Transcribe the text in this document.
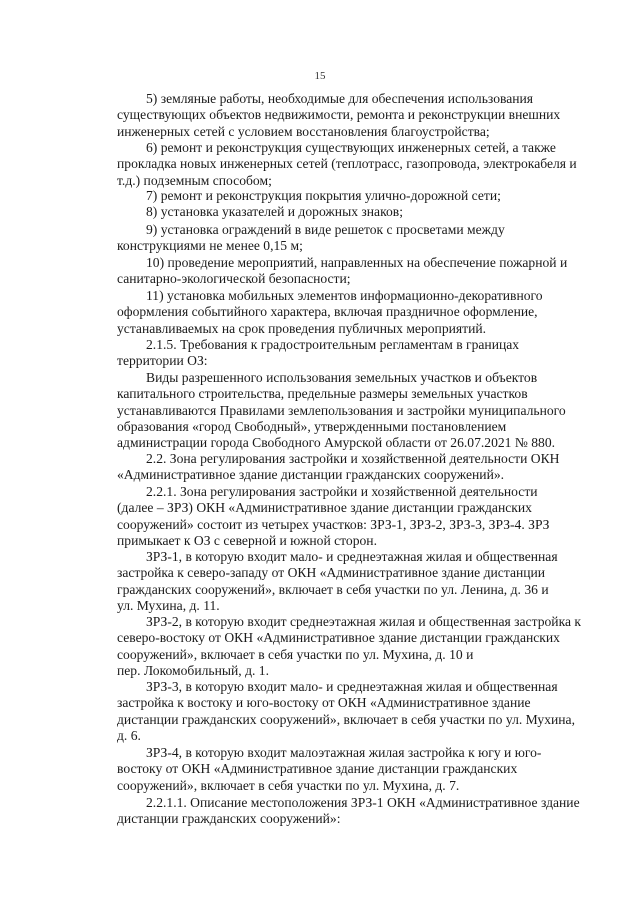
15
5) земляные работы, необходимые для обеспечения использования
существующих объектов недвижимости, ремонта и реконструкции внешних
инженерных сетей с условием восстановления благоустройства;
6) ремонт и реконструкция существующих инженерных сетей, а также
прокладка новых инженерных сетей (теплотрасс, газопровода, электрокабеля и
т.д.) подземным способом;
7) ремонт и реконструкция покрытия улично-дорожной сети;
8) установка указателей и дорожных знаков;
9) установка ограждений в виде решеток с просветами между
конструкциями не менее 0,15 м;
10) проведение мероприятий, направленных на обеспечение пожарной и
санитарно-экологической безопасности;
11) установка мобильных элементов информационно-декоративного
оформления событийного характера, включая праздничное оформление,
устанавливаемых на срок проведения публичных мероприятий.
2.1.5. Требования к градостроительным регламентам в границах
территории ОЗ:
Виды разрешенного использования земельных участков и объектов
капитального строительства, предельные размеры земельных участков
устанавливаются Правилами землепользования и застройки муниципального
образования «город Свободный», утвержденными постановлением
администрации города Свободного Амурской области от 26.07.2021 № 880.
2.2. Зона регулирования застройки и хозяйственной деятельности ОКН
«Административное здание дистанции гражданских сооружений».
2.2.1. Зона регулирования застройки и хозяйственной деятельности
(далее – ЗРЗ) ОКН «Административное здание дистанции гражданских
сооружений» состоит из четырех участков: ЗРЗ-1, ЗРЗ-2, ЗРЗ-3, ЗРЗ-4. ЗРЗ
примыкает к ОЗ с северной и южной сторон.
ЗРЗ-1, в которую входит мало- и среднеэтажная жилая и общественная
застройка к северо-западу от ОКН «Административное здание дистанции
гражданских сооружений», включает в себя участки по ул. Ленина, д. 36 и
ул. Мухина, д. 11.
ЗРЗ-2, в которую входит среднеэтажная жилая и общественная застройка к
северо-востоку от ОКН «Административное здание дистанции гражданских
сооружений», включает в себя участки по ул. Мухина, д. 10 и
пер. Локомобильный, д. 1.
ЗРЗ-3, в которую входит мало- и среднеэтажная жилая и общественная
застройка к востоку и юго-востоку от ОКН «Административное здание
дистанции гражданских сооружений», включает в себя участки по ул. Мухина,
д. 6.
ЗРЗ-4, в которую входит малоэтажная жилая застройка к югу и юго-
востоку от ОКН «Административное здание дистанции гражданских
сооружений», включает в себя участки по ул. Мухина, д. 7.
2.2.1.1. Описание местоположения ЗРЗ-1 ОКН «Административное здание
дистанции гражданских сооружений»:
